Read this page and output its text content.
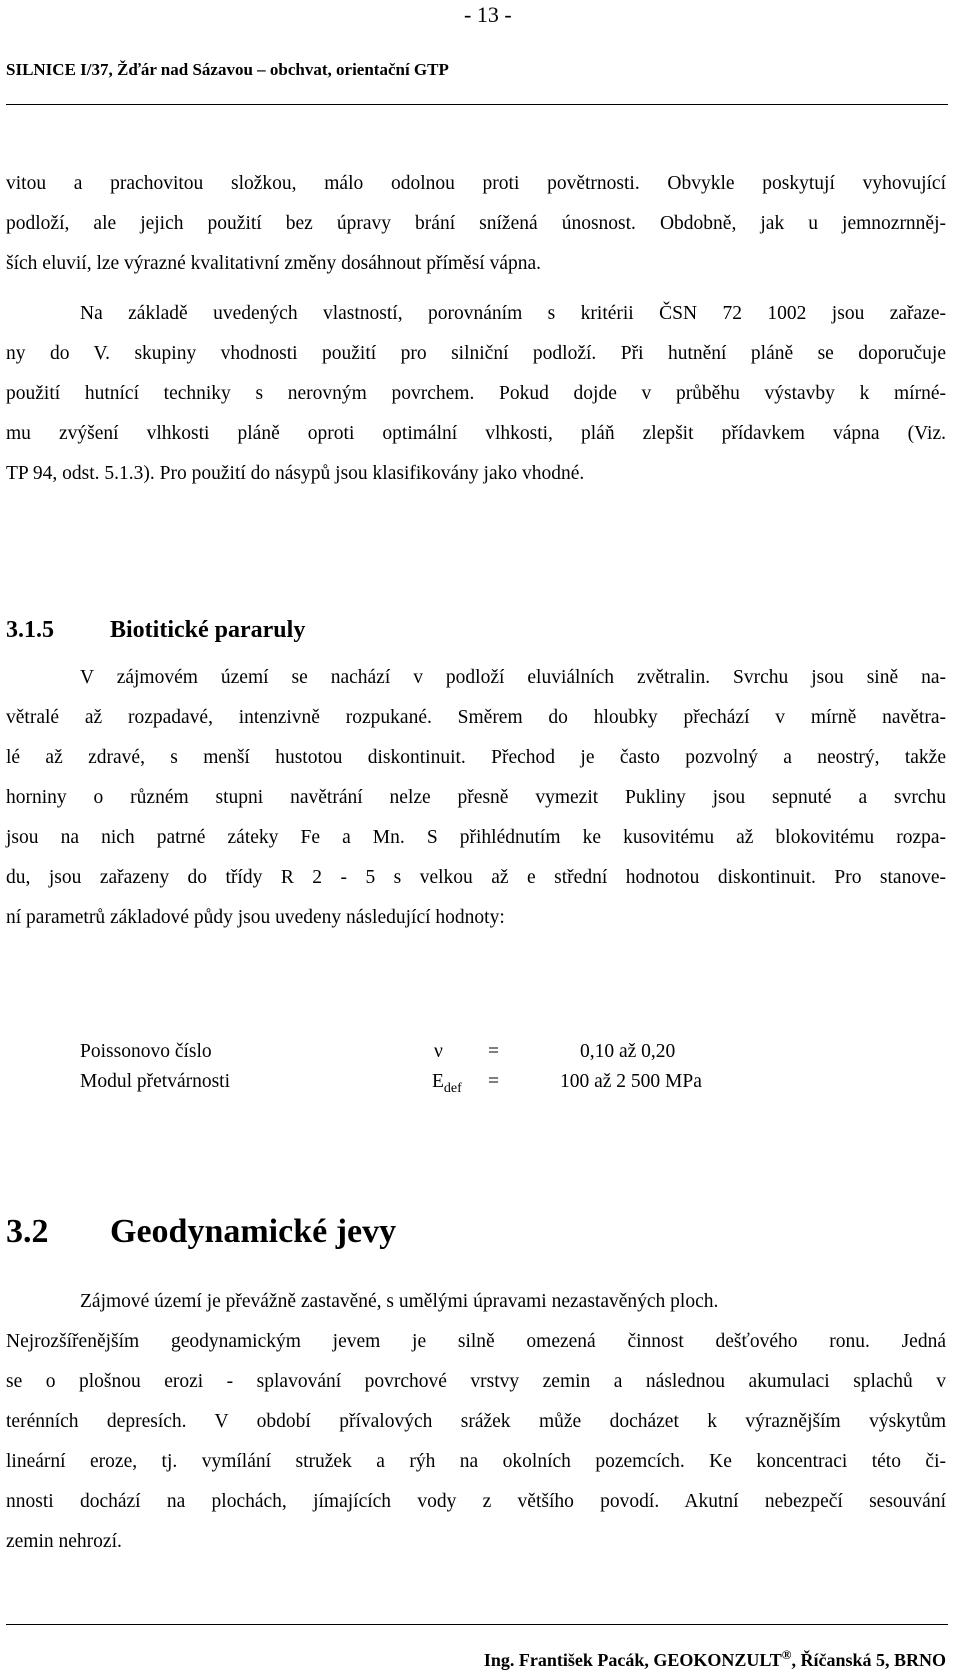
- 13 -
SILNICE I/37, Žďár nad Sázavou – obchvat, orientační GTP
vitou a prachovitou složkou, málo odolnou proti povětrnosti. Obvykle poskytují vyhovující
podloží, ale jejich použití bez úpravy brání snížená únosnost. Obdobně, jak u jemnozrnněj-
ších eluvií, lze výrazné kvalitativní změny dosáhnout příměsí vápna.
Na základě uvedených vlastností, porovnáním s kritérii ČSN 72 1002 jsou zařaze-
ny do V. skupiny vhodnosti použití pro silniční podloží. Při hutnění pláně se doporučuje
použití hutnící techniky s nerovným povrchem. Pokud dojde v průběhu výstavby k mírné-
mu zvýšení vlhkosti pláně oproti optimální vlhkosti, pláň zlepšit přídavkem vápna (Viz.
TP 94, odst. 5.1.3). Pro použití do násypů jsou klasifikovány jako vhodné.
3.1.5 Biotitické pararuly
V zájmovém území se nachází v podloží eluviálních zvětralin. Svrchu jsou sině na-
větralé až rozpadavé, intenzivně rozpukané. Směrem do hloubky přechází v mírně navětra-
lé až zdravé, s menší hustotou diskontinuit. Přechod je často pozvolný a neostrý, takže
horniny o různém stupni navětrání nelze přesně vymezit Pukliny jsou sepnuté a svrchu
jsou na nich patrné záteky Fe a Mn. S přihlédnutím ke kusovitému až blokovitému rozpa-
du, jsou zařazeny do třídy R 2 - 5 s velkou až e střední hodnotou diskontinuit. Pro stanove-
ní parametrů základové půdy jsou uvedeny následující hodnoty:
Poissonovo číslo	ν =	0,10 až 0,20
Modul přetvárnosti	$E_{def}$ =	100 až 2 500 MPa
3.2 Geodynamické jevy
Zájmové území je převážně zastavěné, s umělými úpravami nezastavěných ploch.
Nejrozšířenějším geodynamickým jevem je silně omezená činnost dešťového ronu. Jedná
se o plošnou erozi - splavování povrchové vrstvy zemin a následnou akumulaci splachů v
terénních depresích. V období přívalových srážek může docházet k výraznějším výskytům
lineární eroze, tj. vymílání stružek a rýh na okolních pozemcích. Ke koncentraci této či-
nnosti dochází na plochách, jímajících vody z většího povodí. Akutní nebezpečí sesouvání
zemin nehrozí.
Ing. František Pacák, GEOKONZULT®, Říčanská 5, BRNO
